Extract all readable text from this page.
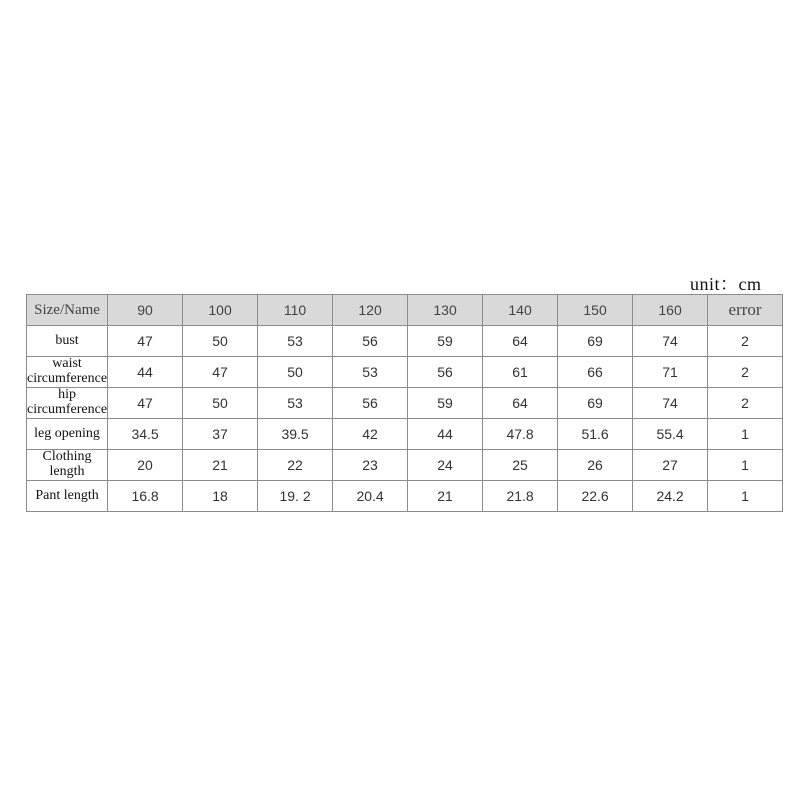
unit：cm
Size/Name	90	100	110	120	130	140	150	160	error
bust	47	50	53	56	59	64	69	74	2
waist
circumference	44	47	50	53	56	61	66	71	2
hip
circumference	47	50	53	56	59	64	69	74	2
leg opening	34.5	37	39.5	42	44	47.8	51.6	55.4	1
Clothing length	20	21	22	23	24	25	26	27	1
Pant length	16.8	18	19. 2	20.4	21	21.8	22.6	24.2	1
